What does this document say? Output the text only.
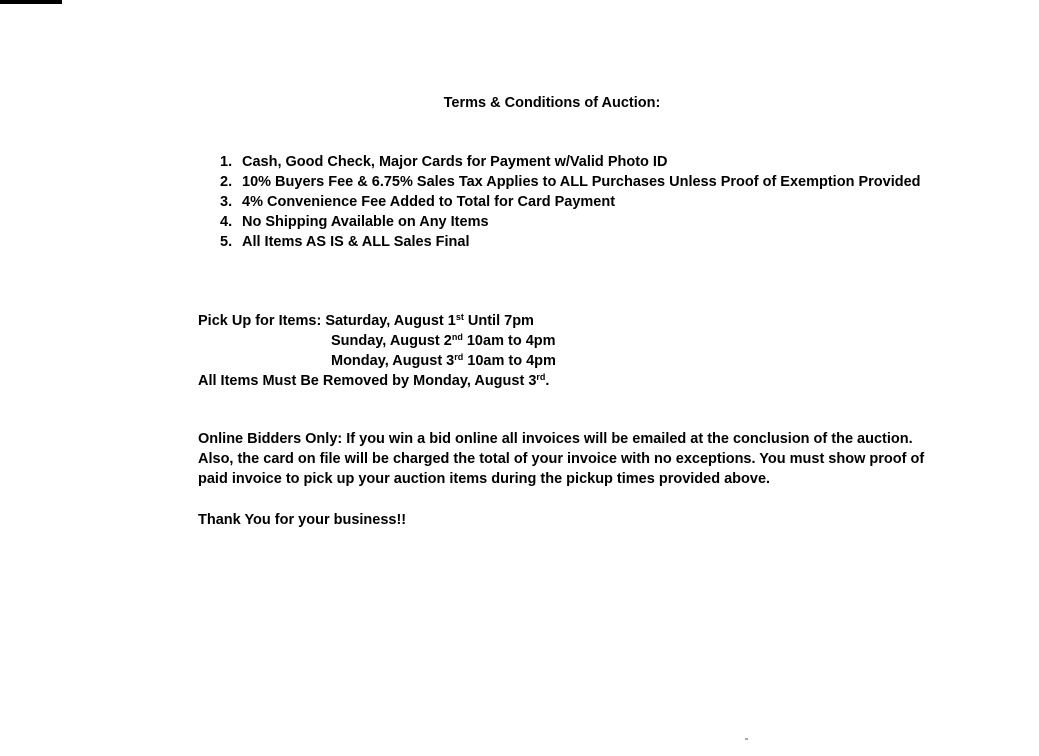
Terms & Conditions of Auction:
1. Cash, Good Check, Major Cards for Payment w/Valid Photo ID
2. 10% Buyers Fee & 6.75% Sales Tax Applies to ALL Purchases Unless Proof of Exemption Provided
3. 4% Convenience Fee Added to Total for Card Payment
4. No Shipping Available on Any Items
5. All Items AS IS & ALL Sales Final
Pick Up for Items: Saturday, August 1st Until 7pm
Sunday, August 2nd 10am to 4pm
Monday, August 3rd 10am to 4pm
All Items Must Be Removed by Monday, August 3rd.
Online Bidders Only: If you win a bid online all invoices will be emailed at the conclusion of the auction.
Also, the card on file will be charged the total of your invoice with no exceptions. You must show proof of
paid invoice to pick up your auction items during the pickup times provided above.
Thank You for your business!!
